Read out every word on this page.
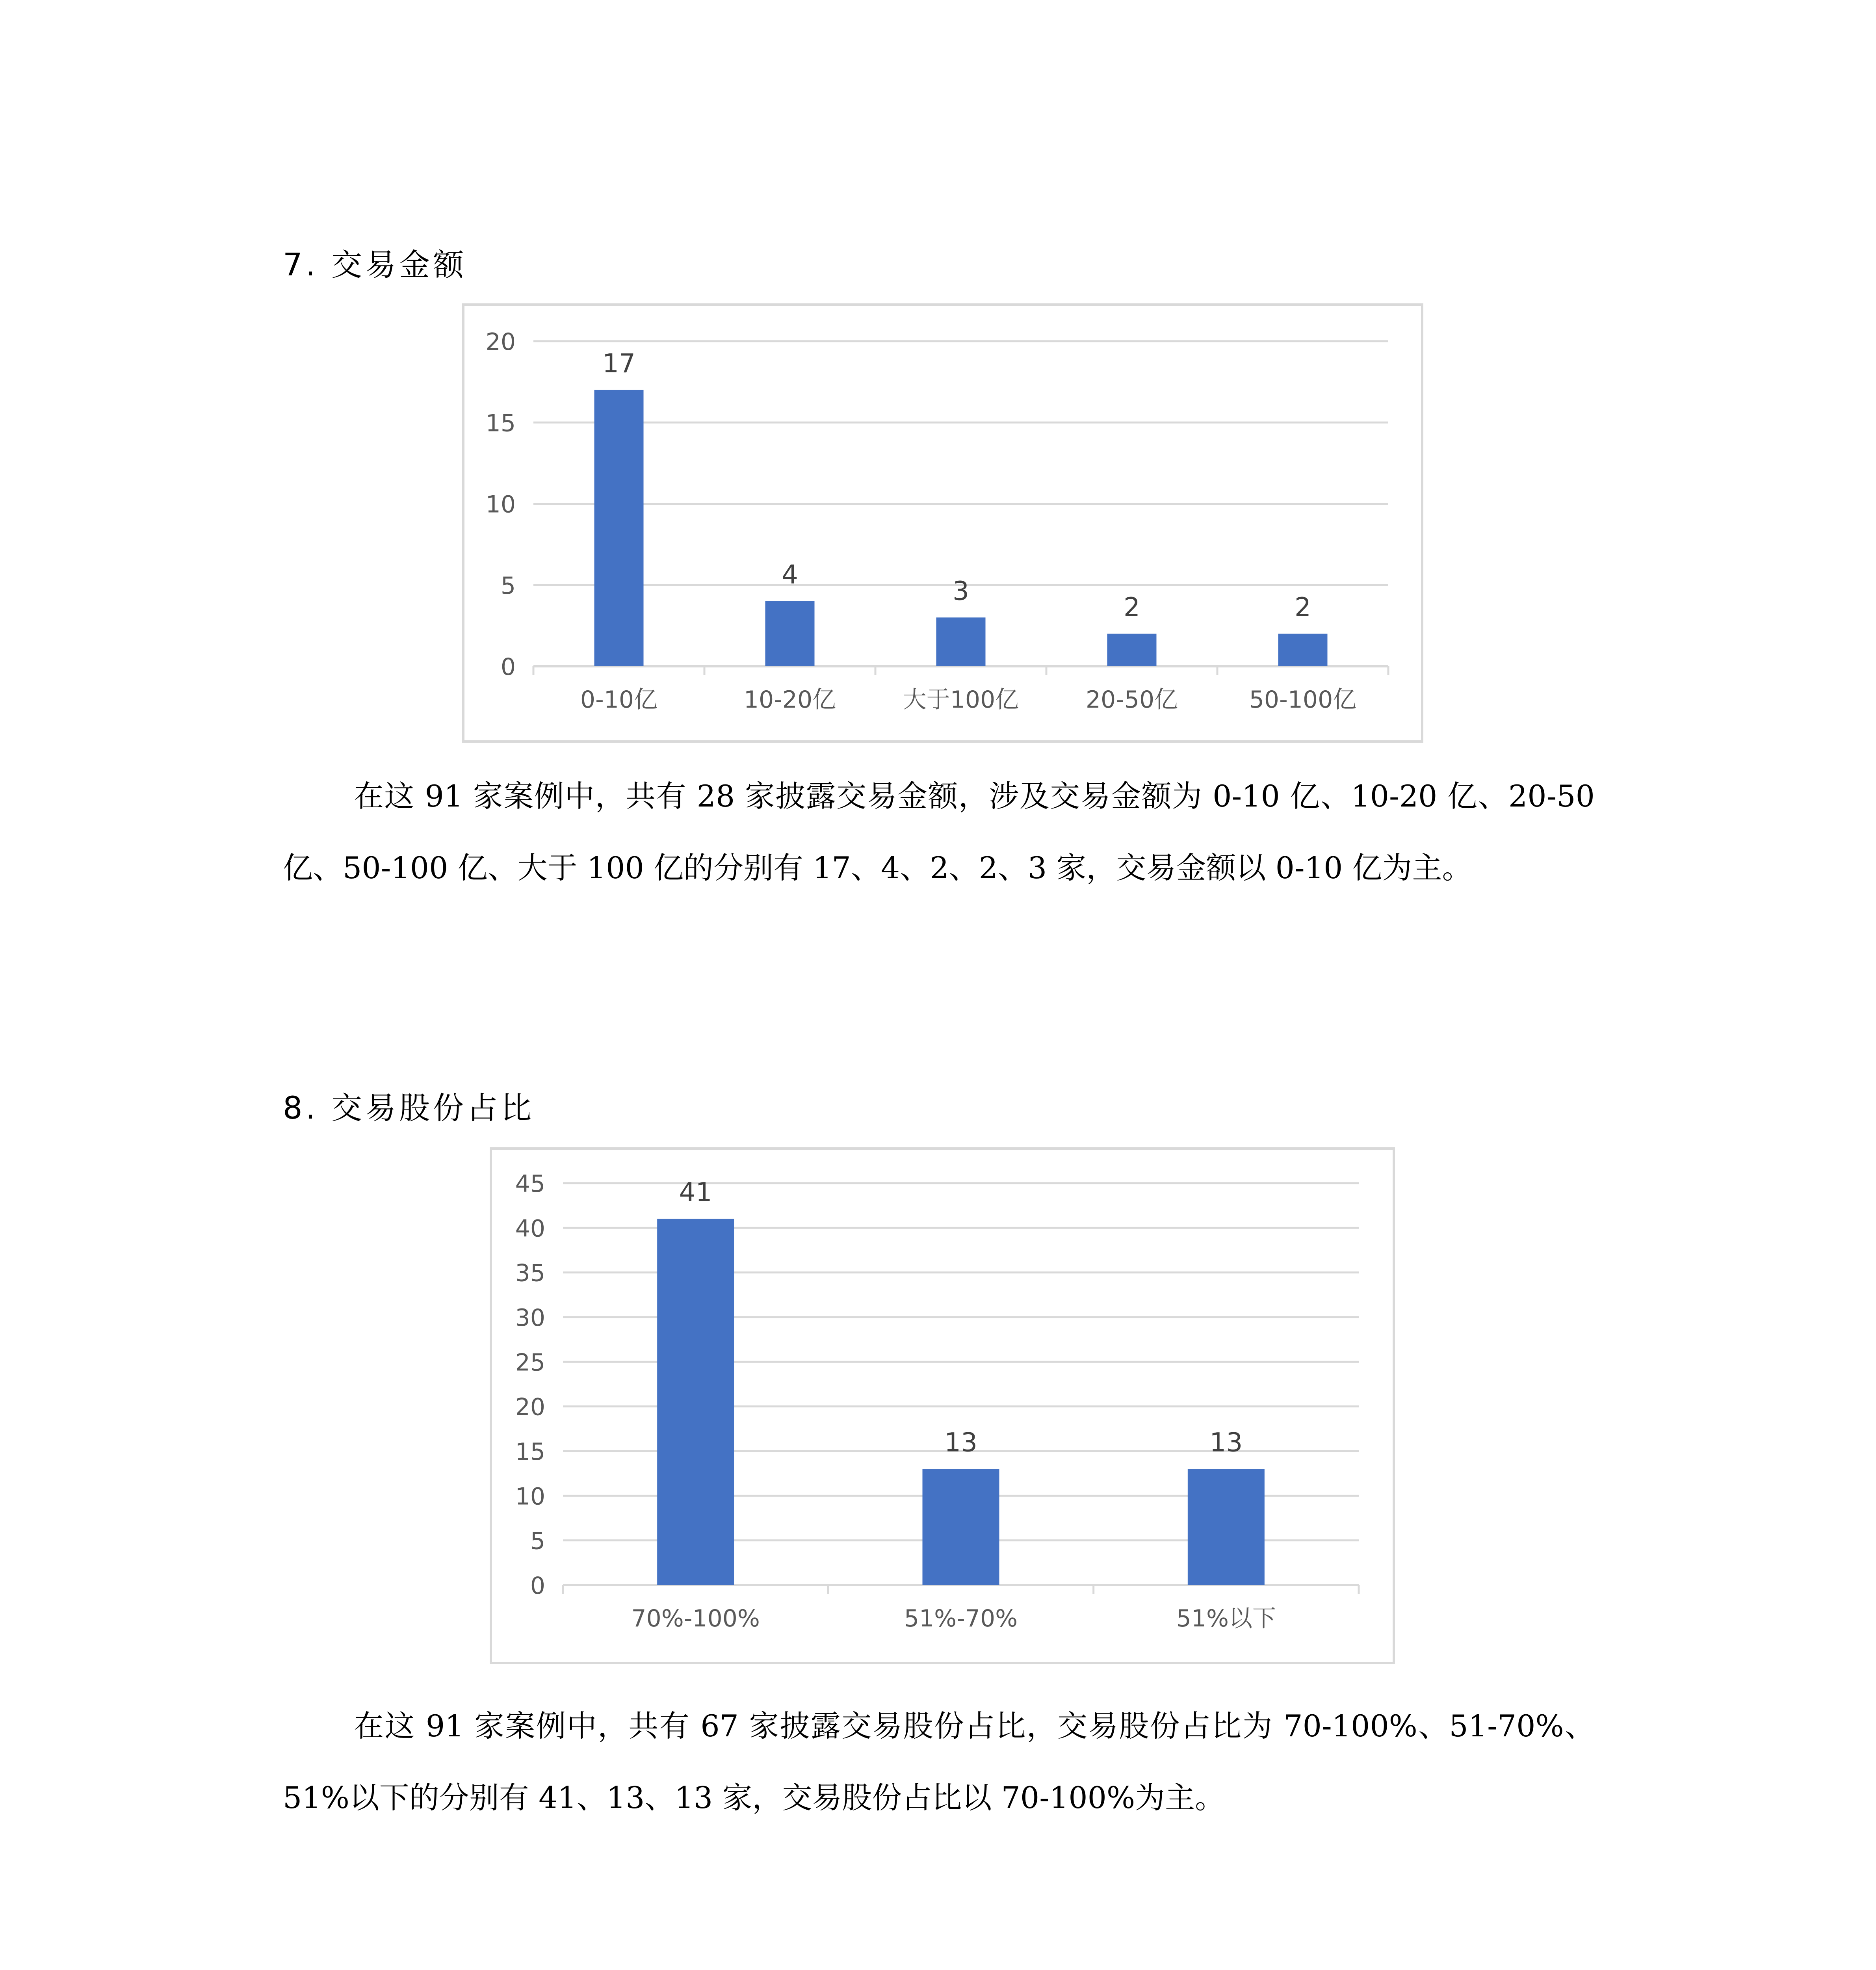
7. 交易金额
0
5
10
15
20
17
0-10亿
4
10-20亿
3
大于100亿
2
20-50亿
2
50-100亿

在这 91 家案例中，共有 28 家披露交易金额，涉及交易金额为 0-10 亿、10-20 亿、20-50 亿、50-100 亿、大于 100 亿的分别有 17、4、2、2、3 家，交易金额以 0-10 亿为主。

8. 交易股份占比
0
5
10
15
20
25
30
35
40
45	41
70%-100%
13
51%-70%
13
51%以下

在这 91 家案例中，共有 67 家披露交易股份占比，交易股份占比为 70-100%、51-70%、51%以下的分别有 41、13、13 家，交易股份占比以 70-100%为主。
